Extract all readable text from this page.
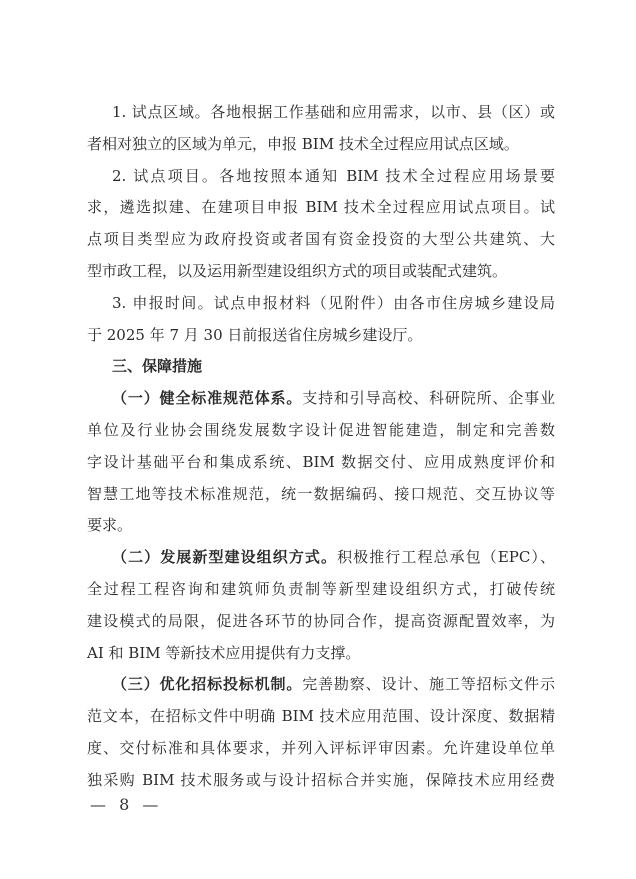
1. 试点区域。各地根据工作基础和应用需求，以市、县（区）或
者相对独立的区域为单元，申报 BIM 技术全过程应用试点区域。
2. 试点项目。各地按照本通知 BIM 技术全过程应用场景要
求，遴选拟建、在建项目申报 BIM 技术全过程应用试点项目。试
点项目类型应为政府投资或者国有资金投资的大型公共建筑、大
型市政工程，以及运用新型建设组织方式的项目或装配式建筑。
3. 申报时间。试点申报材料（见附件）由各市住房城乡建设局
于 2025 年 7 月 30 日前报送省住房城乡建设厅。
三、保障措施
（一）健全标准规范体系。支持和引导高校、科研院所、企事业
单位及行业协会围绕发展数字设计促进智能建造，制定和完善数
字设计基础平台和集成系统、BIM 数据交付、应用成熟度评价和
智慧工地等技术标准规范，统一数据编码、接口规范、交互协议等
要求。
（二）发展新型建设组织方式。积极推行工程总承包（EPC）、
全过程工程咨询和建筑师负责制等新型建设组织方式，打破传统
建设模式的局限，促进各环节的协同合作，提高资源配置效率，为
AI 和 BIM 等新技术应用提供有力支撑。
（三）优化招标投标机制。完善勘察、设计、施工等招标文件示
范文本，在招标文件中明确 BIM 技术应用范围、设计深度、数据精
度、交付标准和具体要求，并列入评标评审因素。允许建设单位单
独采购 BIM 技术服务或与设计招标合并实施，保障技术应用经费
— 8 —
